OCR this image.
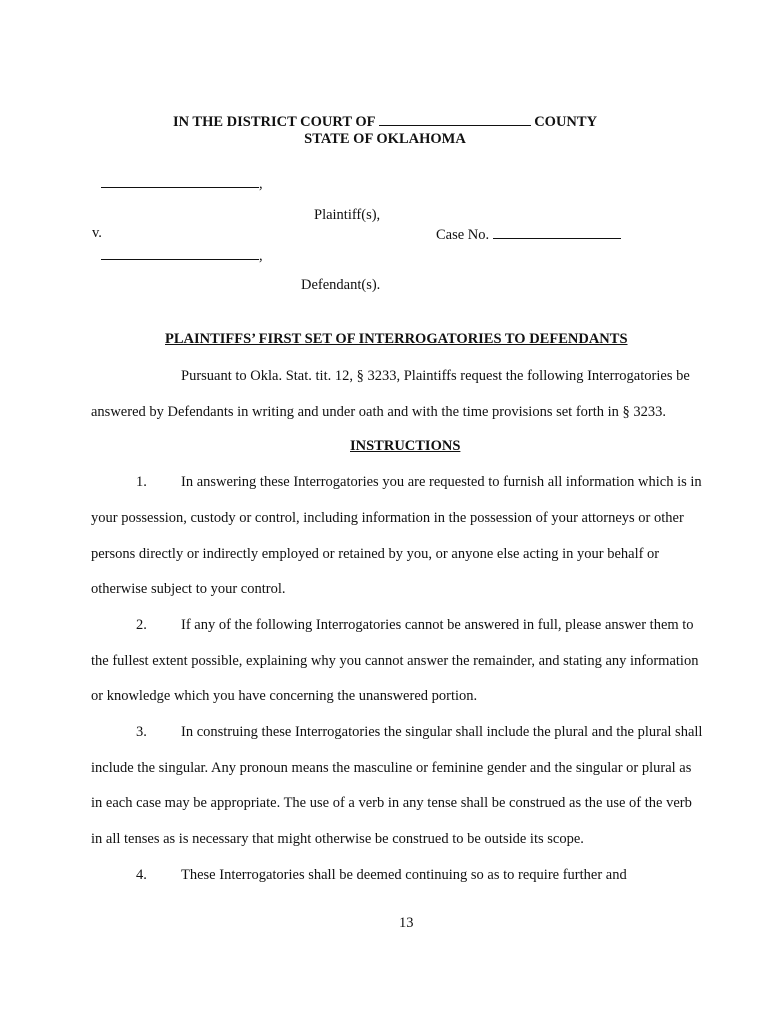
IN THE DISTRICT COURT OF	COUNTY
STATE OF OKLAHOMA
,
Plaintiff(s),
v.	Case No.
,
Defendant(s).
PLAINTIFFS’ FIRST SET OF INTERROGATORIES TO DEFENDANTS
Pursuant to Okla. Stat. tit. 12, § 3233, Plaintiffs request the following Interrogatories be
answered by Defendants in writing and under oath and with the time provisions set forth in § 3233.
INSTRUCTIONS
1. In answering these Interrogatories you are requested to furnish all information which is in
your possession, custody or control, including information in the possession of your attorneys or other
persons directly or indirectly employed or retained by you, or anyone else acting in your behalf or
otherwise subject to your control.
2. If any of the following Interrogatories cannot be answered in full, please answer them to
the fullest extent possible, explaining why you cannot answer the remainder, and stating any information
or knowledge which you have concerning the unanswered portion.
3. In construing these Interrogatories the singular shall include the plural and the plural shall
include the singular. Any pronoun means the masculine or feminine gender and the singular or plural as
in each case may be appropriate. The use of a verb in any tense shall be construed as the use of the verb
in all tenses as is necessary that might otherwise be construed to be outside its scope.
4. These Interrogatories shall be deemed continuing so as to require further and
13
